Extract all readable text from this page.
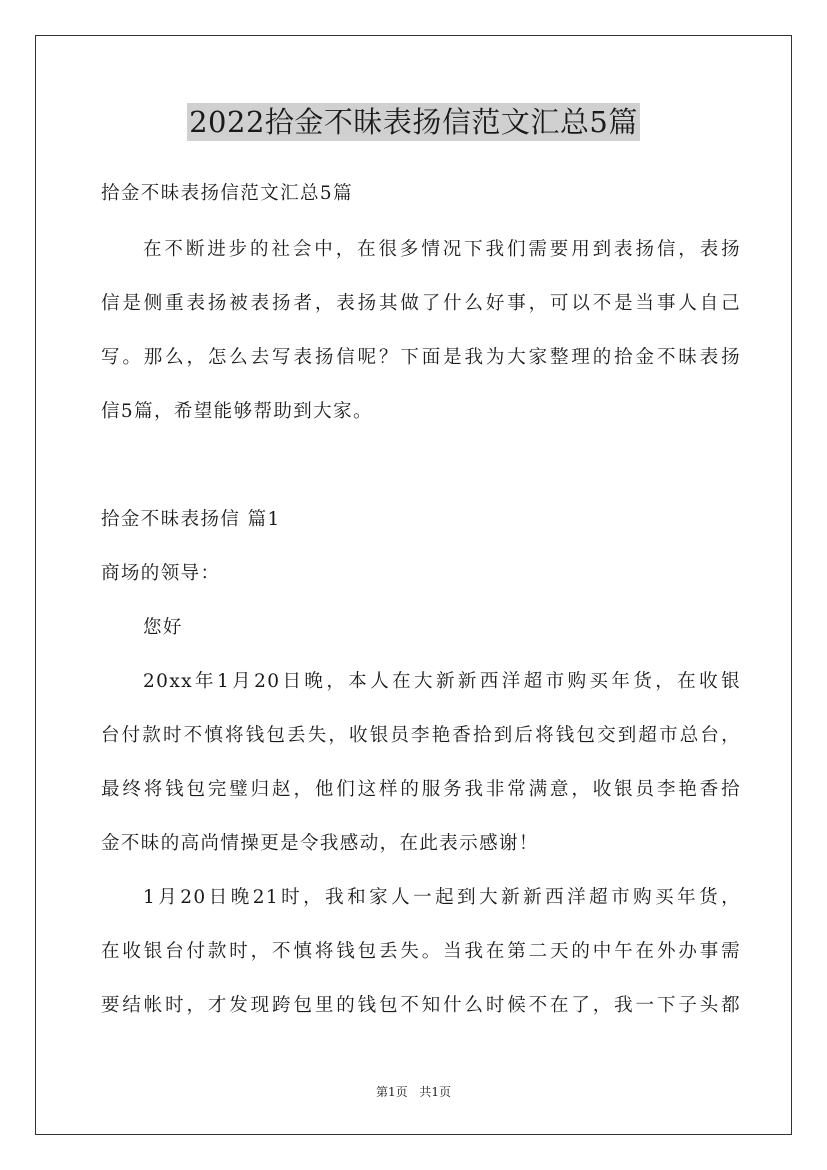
2022拾金不昧表扬信范文汇总5篇
拾金不昧表扬信范文汇总5篇
在不断进步的社会中，在很多情况下我们需要用到表扬信，表扬
信是侧重表扬被表扬者，表扬其做了什么好事，可以不是当事人自己
写。那么，怎么去写表扬信呢？下面是我为大家整理的拾金不昧表扬
信5篇，希望能够帮助到大家。
拾金不昧表扬信 篇1
商场的领导：
您好
20xx年1月20日晚，本人在大新新西洋超市购买年货，在收银
台付款时不慎将钱包丢失，收银员李艳香拾到后将钱包交到超市总台，
最终将钱包完璧归赵，他们这样的服务我非常满意，收银员李艳香拾
金不昧的高尚情操更是令我感动，在此表示感谢！
1月20日晚21时，我和家人一起到大新新西洋超市购买年货，
在收银台付款时，不慎将钱包丢失。当我在第二天的中午在外办事需
要结帐时，才发现跨包里的钱包不知什么时候不在了，我一下子头都
第1页 共1页
